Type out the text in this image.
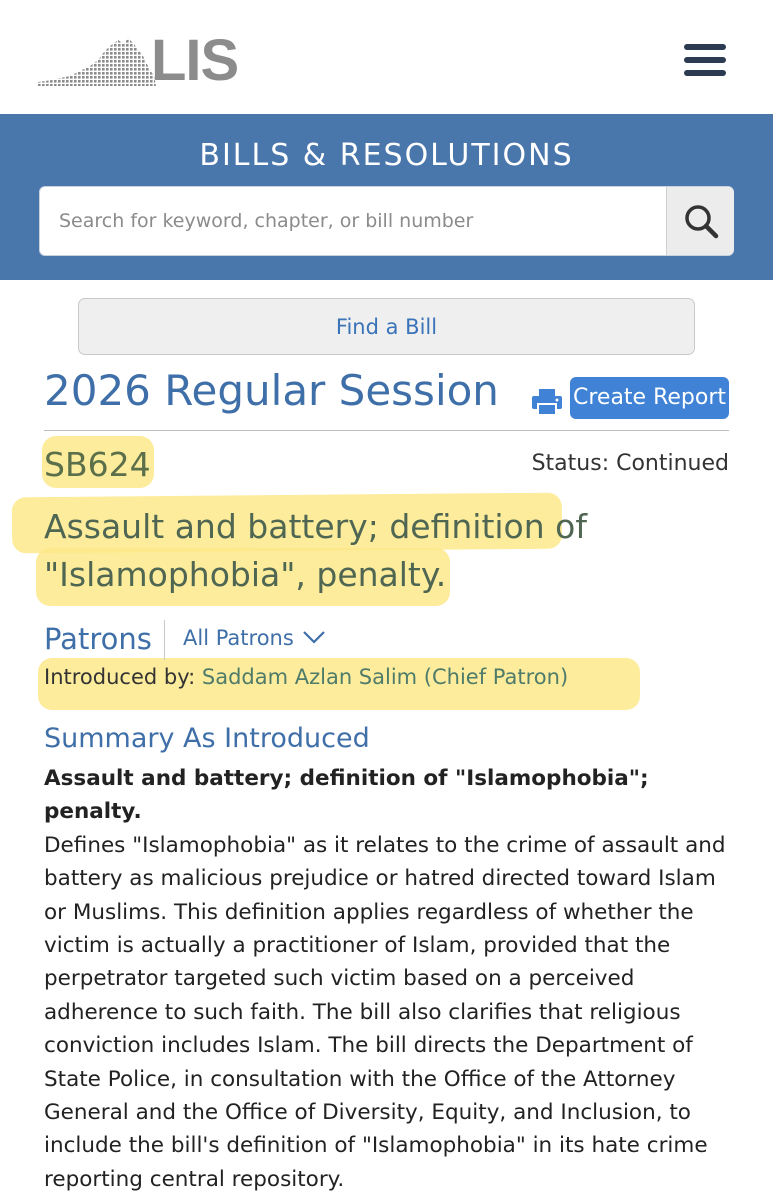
LIS
BILLS & RESOLUTIONS
Search for keyword, chapter, or bill number
Find a Bill
2026 Regular Session	Create Report
SB624	Status: Continued
Assault and battery; definition of
"Islamophobia", penalty.
Patrons All Patrons
Introduced by: Saddam Azlan Salim (Chief Patron)
Summary As Introduced
Assault and battery; definition of "Islamophobia"; penalty.
Defines "Islamophobia" as it relates to the crime of assault and
battery as malicious prejudice or hatred directed toward Islam
or Muslims. This definition applies regardless of whether the
victim is actually a practitioner of Islam, provided that the
perpetrator targeted such victim based on a perceived
adherence to such faith. The bill also clarifies that religious
conviction includes Islam. The bill directs the Department of
State Police, in consultation with the Office of the Attorney
General and the Office of Diversity, Equity, and Inclusion, to
include the bill's definition of "Islamophobia" in its hate crime
reporting central repository.
